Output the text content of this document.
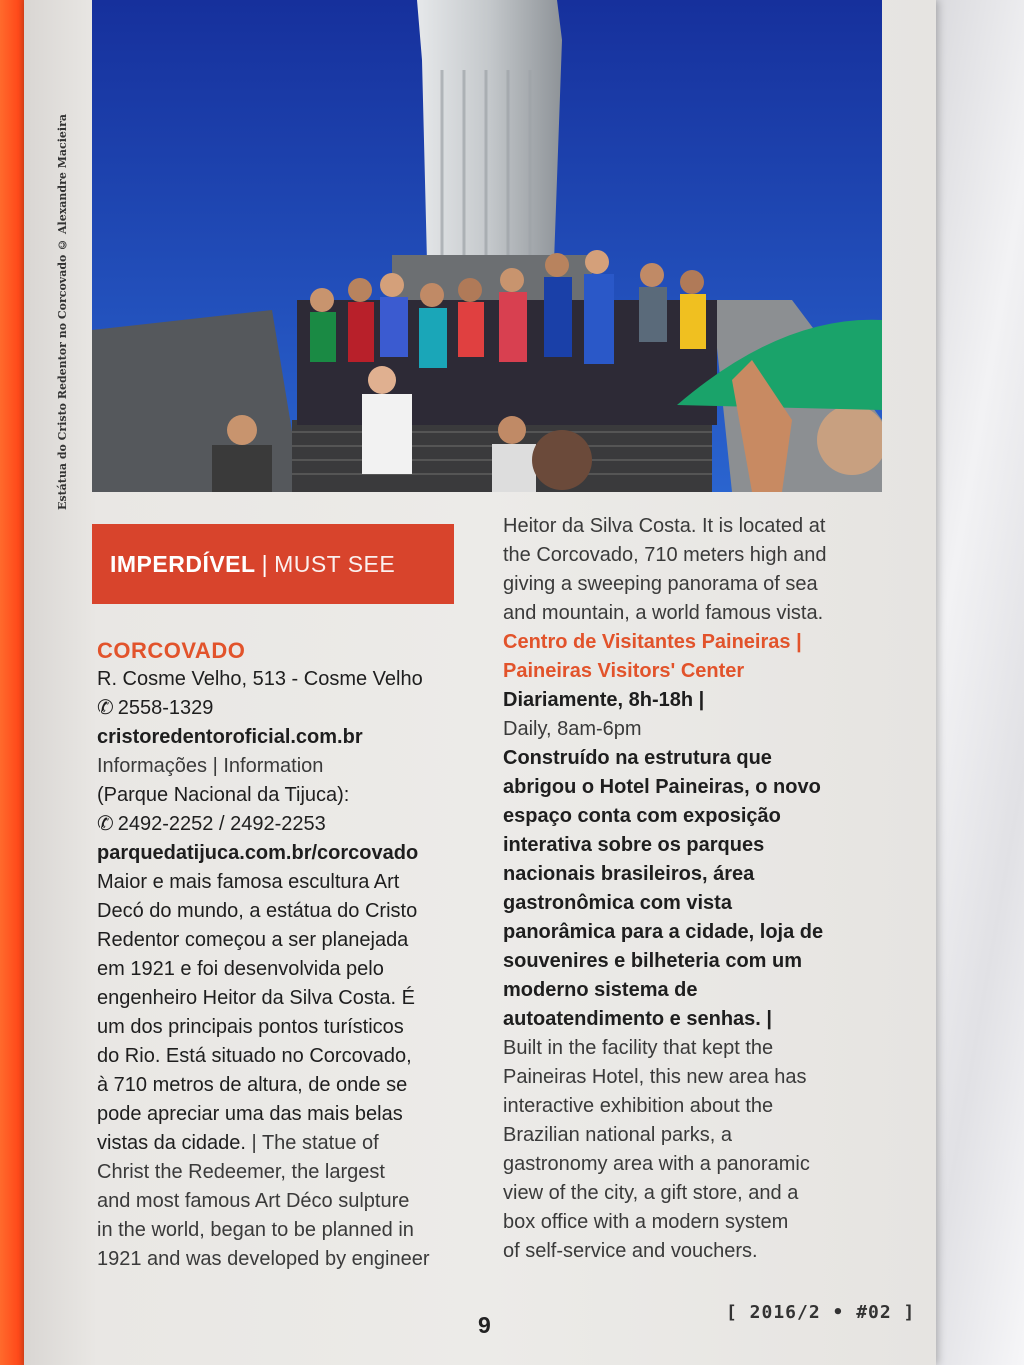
Estátua do Cristo Redentor no Corcovado © Alexandre Macieira
IMPERDÍVEL | MUST SEE

CORCOVADO

R. Cosme Velho, 513 - Cosme Velho

✆ 2558-1329

cristoredentoroficial.com.br

Informações | Information

(Parque Nacional da Tijuca):

✆ 2492-2252 / 2492-2253

parquedatijuca.com.br/corcovado

Maior e mais famosa escultura Art

Decó do mundo, a estátua do Cristo

Redentor começou a ser planejada

em 1921 e foi desenvolvida pelo

engenheiro Heitor da Silva Costa. É

um dos principais pontos turísticos

do Rio. Está situado no Corcovado,

à 710 metros de altura, de onde se

pode apreciar uma das mais belas

vistas da cidade. | The statue of

Christ the Redeemer, the largest

and most famous Art Déco sulpture

in the world, began to be planned in

1921 and was developed by engineer

Heitor da Silva Costa. It is located at

the Corcovado, 710 meters high and

giving a sweeping panorama of sea

and mountain, a world famous vista.

Centro de Visitantes Paineiras |

Paineiras Visitors' Center

Diariamente, 8h-18h |

Daily, 8am-6pm

Construído na estrutura que

abrigou o Hotel Paineiras, o novo

espaço conta com exposição

interativa sobre os parques

nacionais brasileiros, área

gastronômica com vista

panorâmica para a cidade, loja de

souvenires e bilheteria com um

moderno sistema de

autoatendimento e senhas. |

Built in the facility that kept the

Paineiras Hotel, this new area has

interactive exhibition about the

Brazilian national parks, a

gastronomy area with a panoramic

view of the city, a gift store, and a

box office with a modern system

of self-service and vouchers.

9	[ 2016/2 • #02 ]
